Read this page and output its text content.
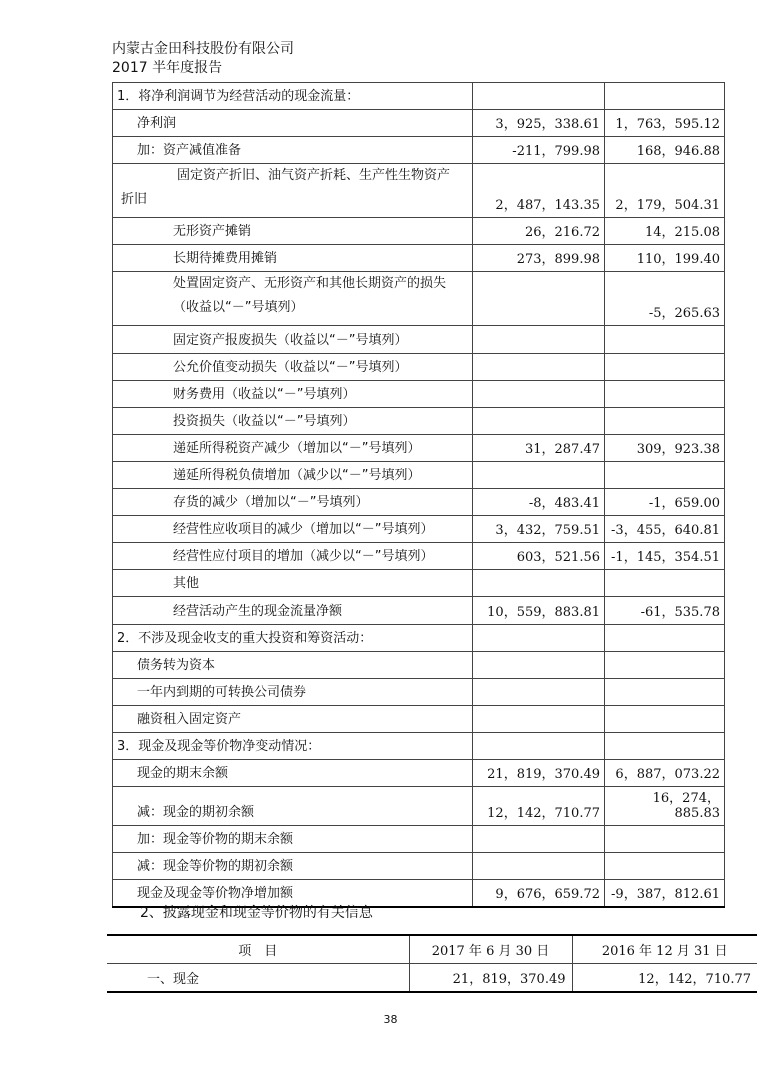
内蒙古金田科技股份有限公司
2017 半年度报告
1．将净利润调节为经营活动的现金流量：		
净利润	3，925，338.61	1，763，595.12
加：资产减值准备	-211，799.98	168，946.88

固定资产折旧、油气资产折耗、生产性生物资产
折旧	2，487，143.35	2，179，504.31
无形资产摊销	26，216.72	14，215.08
长期待摊费用摊销	273，899.98	110，199.40

处置固定资产、无形资产和其他长期资产的损失
（收益以“－”号填列）		-5，265.63
固定资产报废损失（收益以“－”号填列）		
公允价值变动损失（收益以“－”号填列）		
财务费用（收益以“－”号填列）		
投资损失（收益以“－”号填列）		
递延所得税资产减少（增加以“－”号填列）	31，287.47	309，923.38
递延所得税负债增加（减少以“－”号填列）		
存货的减少（增加以“－”号填列）	-8，483.41	-1，659.00
经营性应收项目的减少（增加以“－”号填列）	3，432，759.51	-3，455，640.81
经营性应付项目的增加（减少以“－”号填列）	603，521.56	-1，145，354.51
其他		
经营活动产生的现金流量净额	10，559，883.81	-61，535.78
2．不涉及现金收支的重大投资和筹资活动：		
债务转为资本		
一年内到期的可转换公司债券		
融资租入固定资产		
3．现金及现金等价物净变动情况：		
现金的期末余额	21，819，370.49	6，887，073.22
减：现金的期初余额	12，142，710.77	16，274，885.83
加：现金等价物的期末余额		
减：现金等价物的期初余额		
现金及现金等价物净增加额	9，676，659.72	-9，387，812.61
2、披露现金和现金等价物的有关信息
项　目	2017 年 6 月 30 日	2016 年 12 月 31 日
一、现金	21，819，370.49	12，142，710.77
38
